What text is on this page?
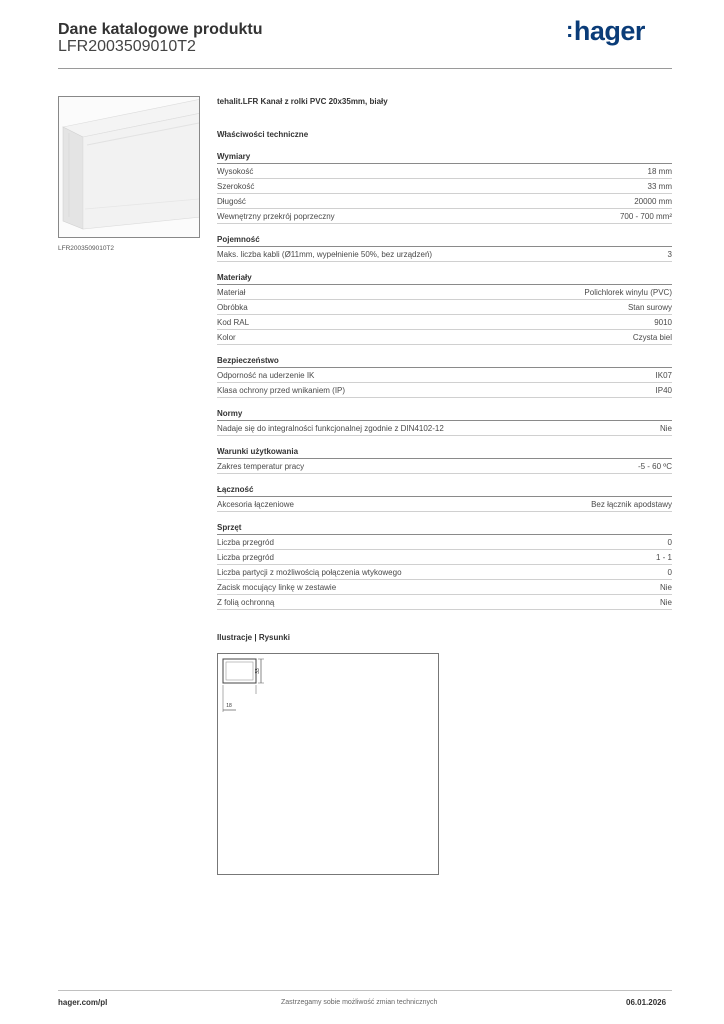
Dane katalogowe produktu
LFR2003509010T2
:hager
LFR2003509010T2
tehalit.LFR Kanał z rolki PVC 20x35mm, biały
Właściwości techniczne
Wymiary
Wysokość	18 mm
Szerokość	33 mm
Długość	20000 mm
Wewnętrzny przekrój poprzeczny	700 - 700 mm²
Pojemność
Maks. liczba kabli (Ø11mm, wypełnienie 50%, bez urządzeń)	3
Materiały
Materiał	Polichlorek winylu (PVC)
Obróbka	Stan surowy
Kod RAL	9010
Kolor	Czysta biel
Bezpieczeństwo
Odporność na uderzenie IK	IK07
Klasa ochrony przed wnikaniem (IP)	IP40
Normy
Nadaje się do integralności funkcjonalnej zgodnie z DIN4102-12	Nie
Warunki użytkowania
Zakres temperatur pracy	-5 - 60 ºC
Łączność
Akcesoria łączeniowe	Bez łącznik apodstawy
Sprzęt
Liczba przegród	0
Liczba przegród	1 - 1
Liczba partycji z możliwością połączenia wtykowego	0
Zacisk mocujący linkę w zestawie	Nie
Z folią ochronną	Nie
Ilustracje | Rysunki
33
18
hager.com/pl	Zastrzegamy sobie możliwość zmian technicznych	06.01.2026
